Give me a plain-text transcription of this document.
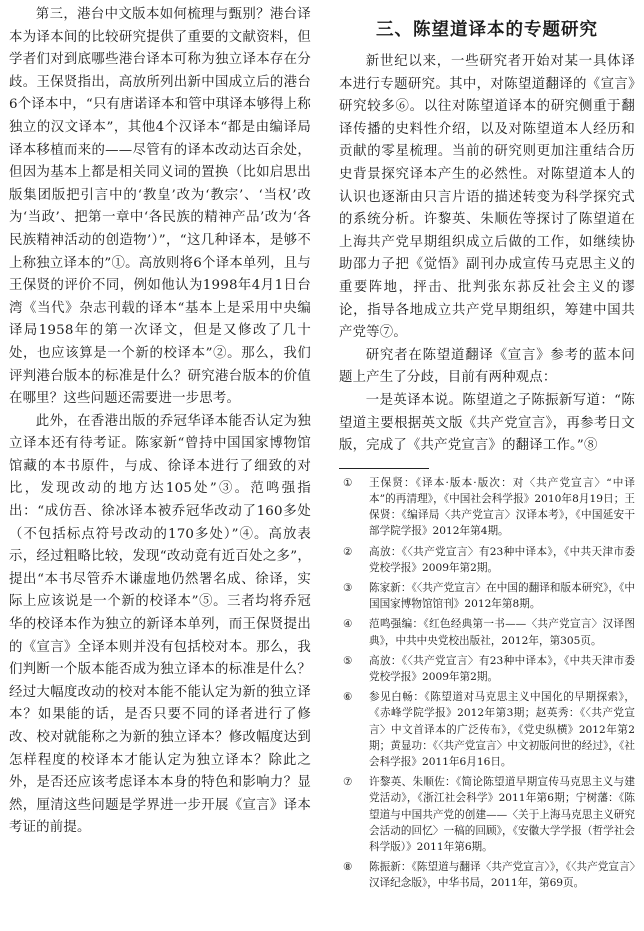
第三，港台中文版本如何梳理与甄别？港台译本为译本间的比较研究提供了重要的文献资料，但学者们对到底哪些港台译本可称为独立译本存在分歧。王保贤指出，高放所列出新中国成立后的港台6个译本中，“只有唐诺译本和管中琪译本够得上称独立的汉文译本”，其他4个汉译本“都是由编译局译本移植而来的——尽管有的译本改动达百余处，但因为基本上都是相关同义词的置换（比如启思出版集团版把引言中的‘教皇’改为‘教宗’、‘当权’改为‘当政’、把第一章中‘各民族的精神产品’改为‘各民族精神活动的创造物’）”，“这几种译本，是够不上称独立译本的”①。高放则将6个译本单列，且与王保贤的评价不同，例如他认为1998年4月1日台湾《当代》杂志刊载的译本“基本上是采用中央编译局1958年的第一次译文，但是又修改了几十处，也应该算是一个新的校译本”②。那么，我们评判港台版本的标准是什么？研究港台版本的价值在哪里？这些问题还需要进一步思考。

此外，在香港出版的乔冠华译本能否认定为独立译本还有待考证。陈家新“曾持中国国家博物馆馆藏的本书原件，与成、徐译本进行了细致的对比，发现改动的地方达105处”③。范鸣强指出：“成仿吾、徐冰译本被乔冠华改动了160多处（不包括标点符号改动的170多处）”④。高放表示，经过粗略比较，发现“改动竟有近百处之多”，提出“本书尽管乔木谦虚地仍然署名成、徐译，实际上应该说是一个新的校译本”⑤。三者均将乔冠华的校译本作为独立的新译本单列，而王保贤提出的《宣言》全译本则并没有包括校对本。那么，我们判断一个版本能否成为独立译本的标准是什么？经过大幅度改动的校对本能不能认定为新的独立译本？如果能的话，是否只要不同的译者进行了修改、校对就能称之为新的独立译本？修改幅度达到怎样程度的校译本才能认定为独立译本？除此之外，是否还应该考虑译本本身的特色和影响力？显然，厘清这些问题是学界进一步开展《宣言》译本考证的前提。

三、陈望道译本的专题研究

新世纪以来，一些研究者开始对某一具体译本进行专题研究。其中，对陈望道翻译的《宣言》研究较多⑥。以往对陈望道译本的研究侧重于翻译传播的史料性介绍，以及对陈望道本人经历和贡献的零星梳理。当前的研究则更加注重结合历史背景探究译本产生的必然性。对陈望道本人的认识也逐渐由只言片语的描述转变为科学探究式的系统分析。许黎英、朱顺佐等探讨了陈望道在上海共产党早期组织成立后做的工作，如继续协助邵力子把《觉悟》副刊办成宣传马克思主义的重要阵地，抨击、批判张东荪反社会主义的谬论，指导各地成立共产党早期组织，筹建中国共产党等⑦。

研究者在陈望道翻译《宣言》参考的蓝本问题上产生了分歧，目前有两种观点：

一是英译本说。陈望道之子陈振新写道：“陈望道主要根据英文版《共产党宣言》，再参考日文版，完成了《共产党宣言》的翻译工作。”⑧

① 王保贤：《译本·版本·版次：对〈共产党宣言〉“中译本”的再清理》，《中国社会科学报》2010年8月19日；王保贤：《编译局〈共产党宣言〉汉译本考》，《中国延安干部学院学报》2012年第4期。
② 高放：《〈共产党宣言〉有23种中译本》，《中共天津市委党校学报》2009年第2期。
③ 陈家新：《〈共产党宣言〉在中国的翻译和版本研究》，《中国国家博物馆馆刊》2012年第8期。
④ 范鸣强编：《红色经典第一书——〈共产党宣言〉汉译图典》，中共中央党校出版社，2012年，第305页。
⑤ 高放：《〈共产党宣言〉有23种中译本》，《中共天津市委党校学报》2009年第2期。
⑥ 参见白畅：《陈望道对马克思主义中国化的早期探索》，《赤峰学院学报》2012年第3期；赵英秀：《〈共产党宣言〉中文首译本的广泛传布》，《党史纵横》2012年第2期；黄显功：《〈共产党宣言〉中文初版问世的经过》，《社会科学报》2011年6月16日。
⑦ 许黎英、朱顺佐：《简论陈望道早期宣传马克思主义与建党活动》，《浙江社会科学》2011年第6期；宁树藩：《陈望道与中国共产党的创建——〈关于上海马克思主义研究会活动的回忆〉一稿的回顾》，《安徽大学学报（哲学社会科学版）》2011年第6期。
⑧ 陈振新：《陈望道与翻译〈共产党宣言〉》，《〈共产党宣言〉汉译纪念版》，中华书局，2011年，第69页。
